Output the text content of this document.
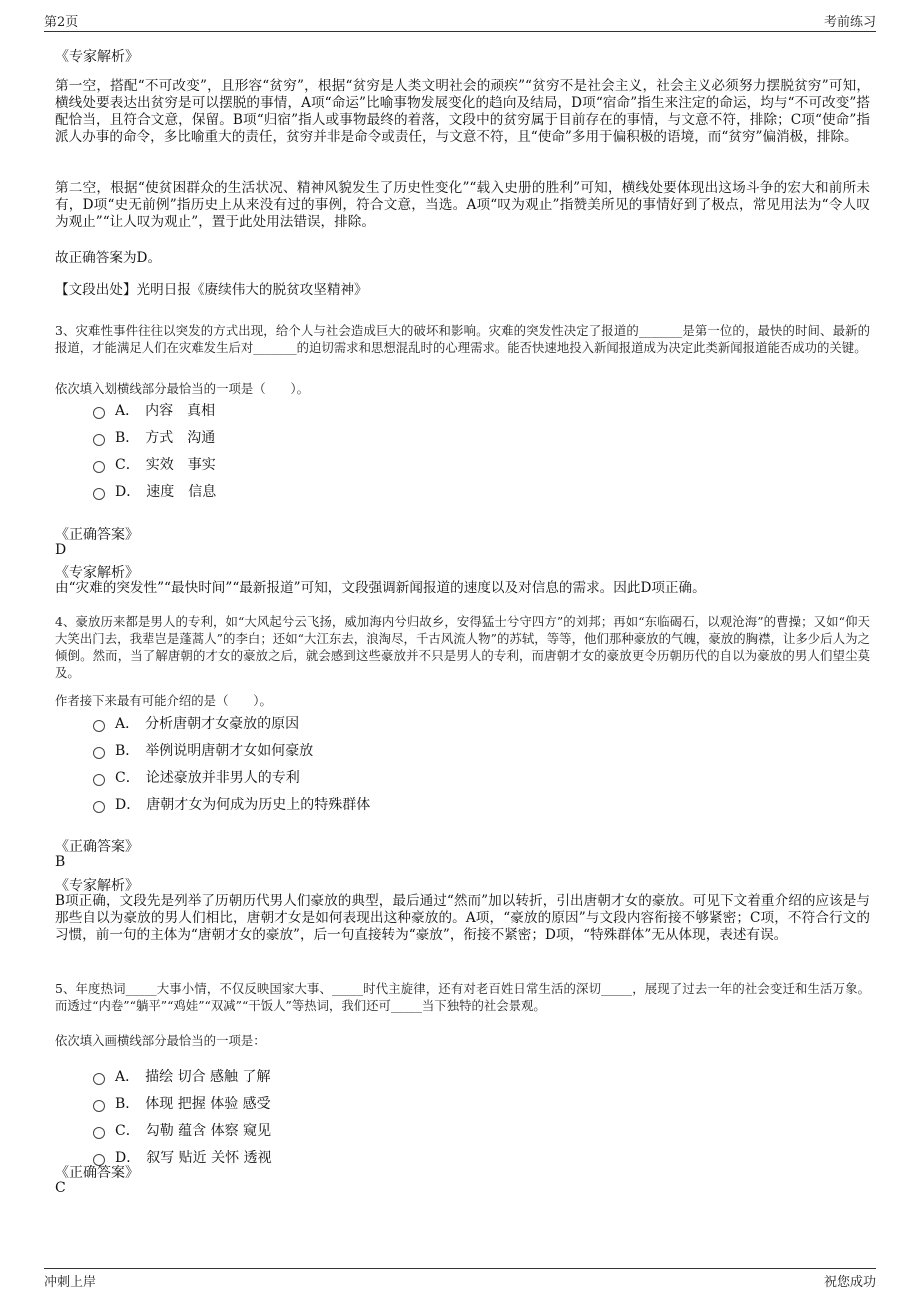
第2页	考前练习
《专家解析》
第一空，搭配“不可改变”，且形容“贫穷”，根据“贫穷是人类文明社会的顽疾”“贫穷不是社会主义，社会主义必须努力摆脱贫穷”可知，横线处要表达出贫穷是可以摆脱的事情，A项“命运”比喻事物发展变化的趋向及结局，D项“宿命”指生来注定的命运，均与“不可改变”搭配恰当，且符合文意，保留。B项“归宿”指人或事物最终的着落，文段中的贫穷属于目前存在的事情，与文意不符，排除；C项“使命”指派人办事的命令，多比喻重大的责任，贫穷并非是命令或责任，与文意不符，且“使命”多用于偏积极的语境，而“贫穷”偏消极，排除。
第二空，根据“使贫困群众的生活状况、精神风貌发生了历史性变化”“载入史册的胜利”可知，横线处要体现出这场斗争的宏大和前所未有，D项“史无前例”指历史上从来没有过的事例，符合文意，当选。A项“叹为观止”指赞美所见的事情好到了极点，常见用法为“令人叹为观止”“让人叹为观止”，置于此处用法错误，排除。
故正确答案为D。
【文段出处】光明日报《赓续伟大的脱贫攻坚精神》
3、灾难性事件往往以突发的方式出现，给个人与社会造成巨大的破坏和影响。灾难的突发性决定了报道的_______是第一位的，最快的时间、最新的报道，才能满足人们在灾难发生后对_______的迫切需求和思想混乱时的心理需求。能否快速地投入新闻报道成为决定此类新闻报道能否成功的关键。
依次填入划横线部分最恰当的一项是（　　）。
A． 内容　真相
B． 方式　沟通
C． 实效　事实
D． 速度　信息
《正确答案》
D
《专家解析》
由“灾难的突发性”“最快时间”“最新报道”可知，文段强调新闻报道的速度以及对信息的需求。因此D项正确。
4、豪放历来都是男人的专利，如“大风起兮云飞扬，威加海内兮归故乡，安得猛士兮守四方”的刘邦；再如“东临碣石，以观沧海”的曹操；又如“仰天大笑出门去，我辈岂是蓬蒿人”的李白；还如“大江东去，浪淘尽，千古风流人物”的苏轼，等等，他们那种豪放的气魄，豪放的胸襟，让多少后人为之倾倒。然而，当了解唐朝的才女的豪放之后，就会感到这些豪放并不只是男人的专利，而唐朝才女的豪放更令历朝历代的自以为豪放的男人们望尘莫及。
作者接下来最有可能介绍的是（　　）。
A． 分析唐朝才女豪放的原因
B． 举例说明唐朝才女如何豪放
C． 论述豪放并非男人的专利
D． 唐朝才女为何成为历史上的特殊群体
《正确答案》
B
《专家解析》
B项正确，文段先是列举了历朝历代男人们豪放的典型，最后通过“然而”加以转折，引出唐朝才女的豪放。可见下文着重介绍的应该是与那些自以为豪放的男人们相比，唐朝才女是如何表现出这种豪放的。A项，“豪放的原因”与文段内容衔接不够紧密；C项，不符合行文的习惯，前一句的主体为“唐朝才女的豪放”，后一句直接转为“豪放”，衔接不紧密；D项，“特殊群体”无从体现，表述有误。
5、年度热词_____大事小情，不仅反映国家大事、_____时代主旋律，还有对老百姓日常生活的深切_____，展现了过去一年的社会变迁和生活万象。而透过“内卷”“躺平”“鸡娃”“双减”“干饭人”等热词，我们还可_____当下独特的社会景观。
依次填入画横线部分最恰当的一项是：
A． 描绘 切合 感触 了解
B． 体现 把握 体验 感受
C． 勾勒 蕴含 体察 窥见
D． 叙写 贴近 关怀 透视
《正确答案》
C
冲刺上岸	祝您成功
